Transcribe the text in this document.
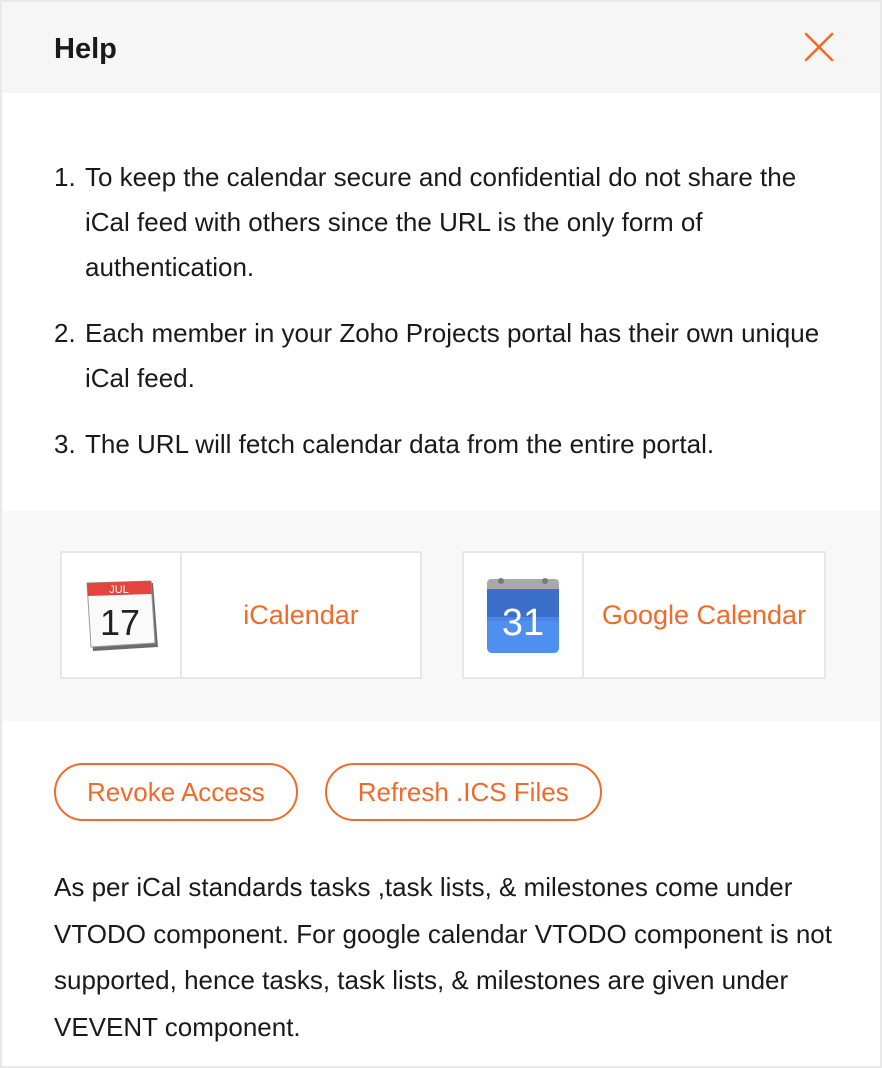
Help
1. To keep the calendar secure and confidential do not share the iCal feed with others since the URL is the only form of authentication.
2. Each member in your Zoho Projects portal has their own unique iCal feed.
3. The URL will fetch calendar data from the entire portal.
JUL
17	iCalendar	31	Google Calendar
Revoke Access	Refresh .ICS Files

As per iCal standards tasks ,task lists, & milestones come under VTODO component. For google calendar VTODO component is not supported, hence tasks, task lists, & milestones are given under VEVENT component.
